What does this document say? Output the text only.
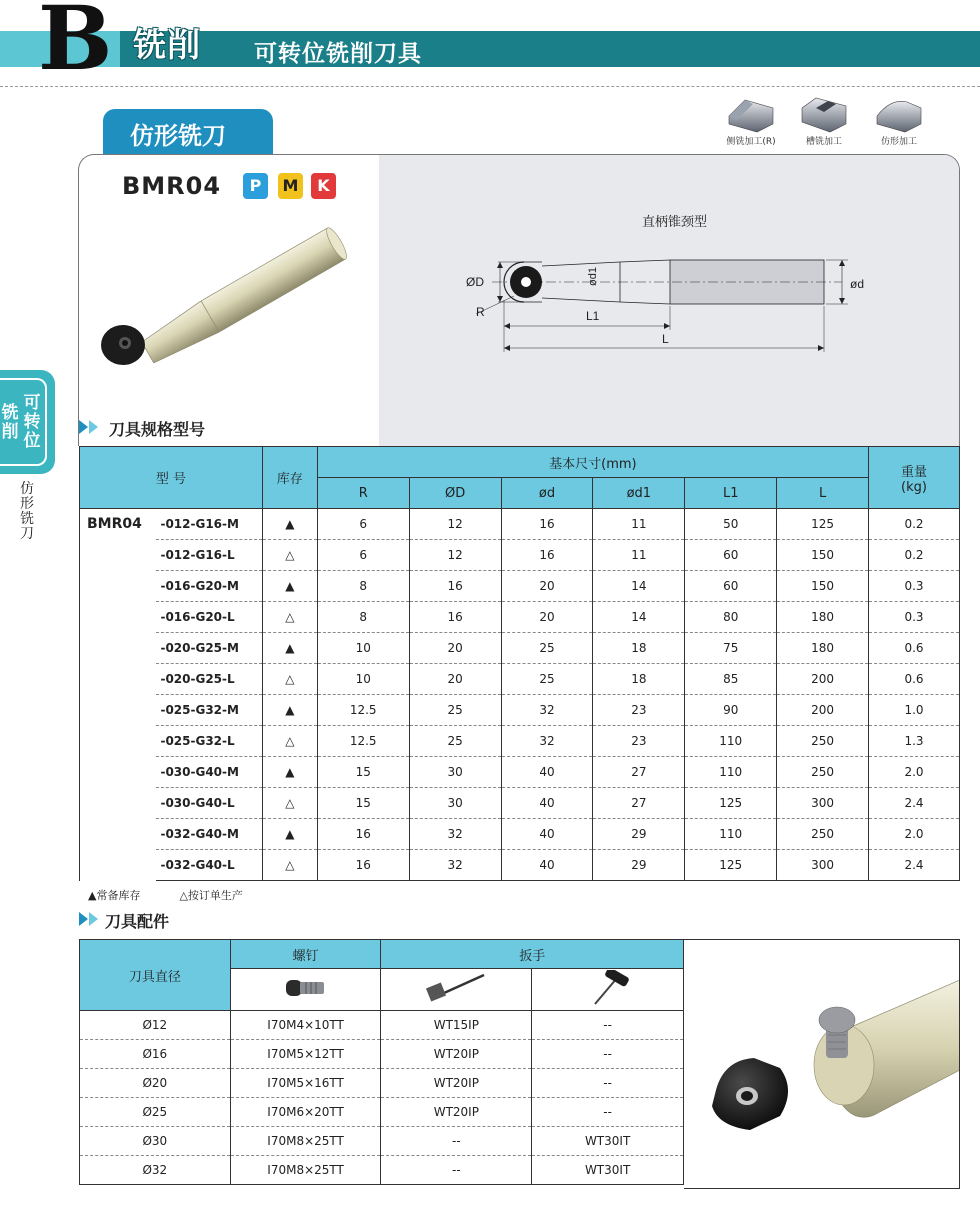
B 铣削 可转位铣削刀具
可转位
铣削
仿形铣刀
仿形铣刀	侧铣加工(R)	槽铣加工	仿形加工
BMR04	P	M	K
直柄锥颈型
ØD	ød
ød1
R	L1
L
刀具规格型号
型 号		库存	基本尺寸(mm)						重量
(kg)

			R	ØD	ød	ød1	L1	L	
BMR04	-012-G16-M	▲	6	12	16	11	50	125	0.2
	-012-G16-L	△	6	12	16	11	60	150	0.2
	-016-G20-M	▲	8	16	20	14	60	150	0.3
	-016-G20-L	△	8	16	20	14	80	180	0.3
	-020-G25-M	▲	10	20	25	18	75	180	0.6
	-020-G25-L	△	10	20	25	18	85	200	0.6
	-025-G32-M	▲	12.5	25	32	23	90	200	1.0
	-025-G32-L	△	12.5	25	32	23	110	250	1.3
	-030-G40-M	▲	15	30	40	27	110	250	2.0
	-030-G40-L	△	15	30	40	27	125	300	2.4
	-032-G40-M	▲	16	32	40	29	110	250	2.0
	-032-G40-L	△	16	32	40	29	125	300	2.4
▲常备库存	△按订单生产
刀具配件
刀具直径	螺钉	扳手	

Ø12	I70M4×10TT	WT15IP	--
Ø16	I70M5×12TT	WT20IP	--
Ø20	I70M5×16TT	WT20IP	--
Ø25	I70M6×20TT	WT20IP	--
Ø30	I70M8×25TT	--	WT30IT
Ø32	I70M8×25TT	--	WT30IT
